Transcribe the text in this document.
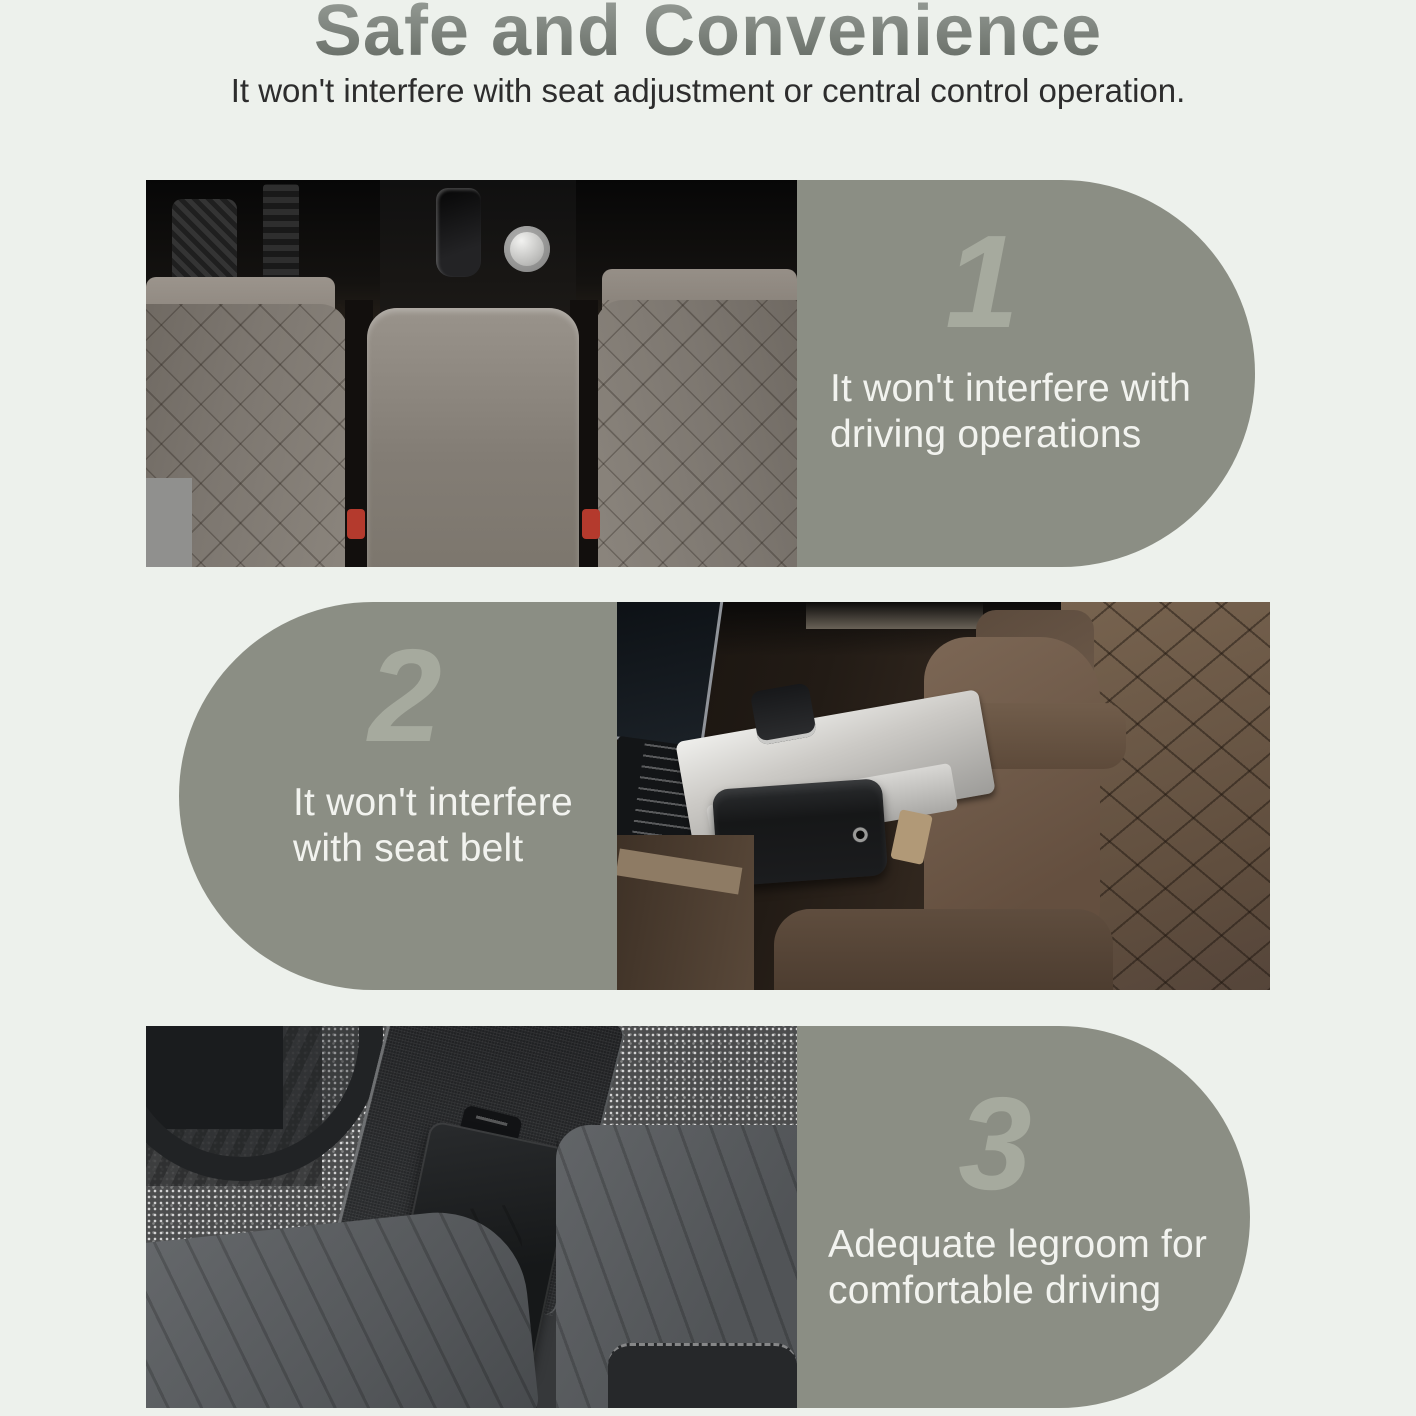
Safe and Convenience

It won't interfere with seat adjustment or central control operation.

1
It won't interfere with
driving operations
2
It won't interfere
with seat belt
3
Adequate legroom for
comfortable driving
